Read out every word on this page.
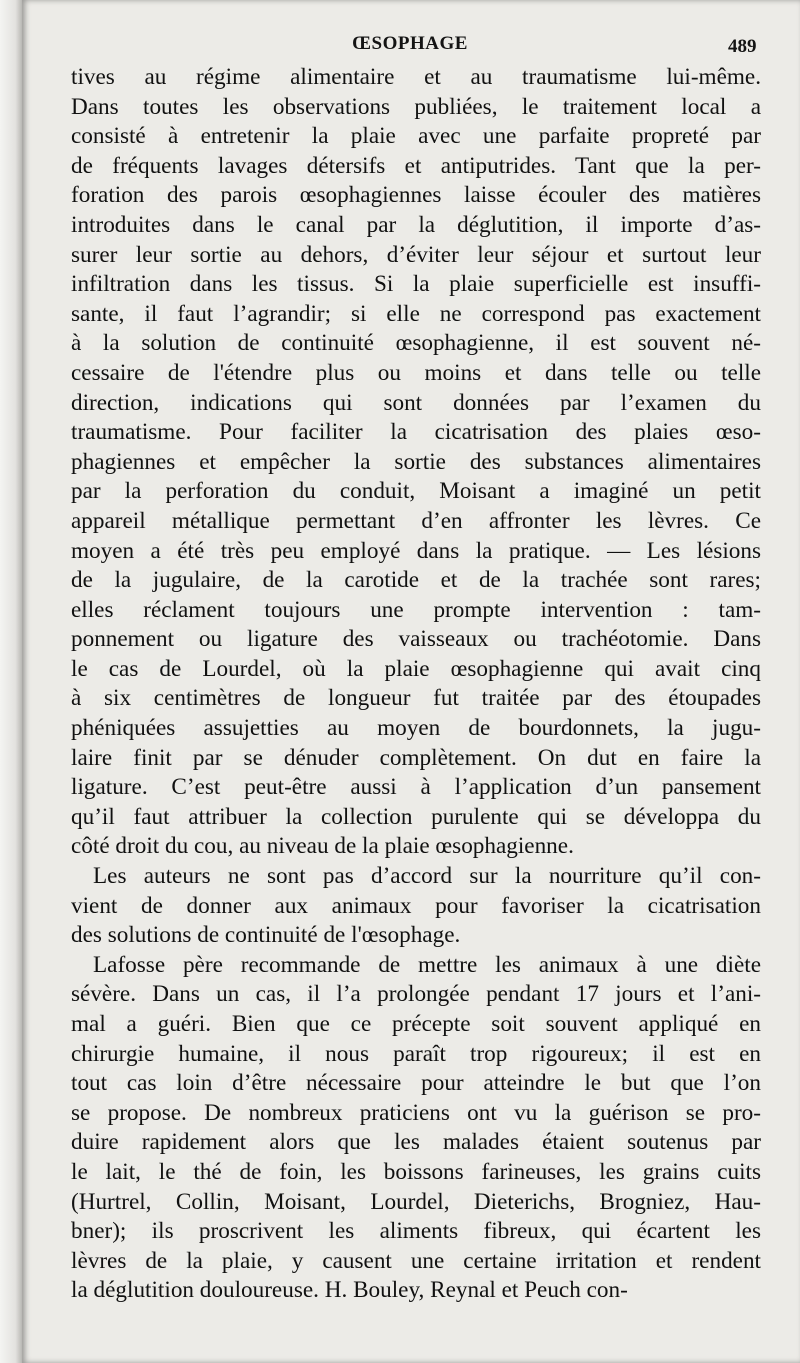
ŒSOPHAGE	489
tives au régime alimentaire et au traumatisme lui-même.
Dans toutes les observations publiées, le traitement local a
consisté à entretenir la plaie avec une parfaite propreté par
de fréquents lavages détersifs et antiputrides. Tant que la per-
foration des parois œsophagiennes laisse écouler des matières
introduites dans le canal par la déglutition, il importe d’as-
surer leur sortie au dehors, d’éviter leur séjour et surtout leur
infiltration dans les tissus. Si la plaie superficielle est insuffi-
sante, il faut l’agrandir; si elle ne correspond pas exactement
à la solution de continuité œsophagienne, il est souvent né-
cessaire de l'étendre plus ou moins et dans telle ou telle
direction, indications qui sont données par l’examen du
traumatisme. Pour faciliter la cicatrisation des plaies œso-
phagiennes et empêcher la sortie des substances alimentaires
par la perforation du conduit, Moisant a imaginé un petit
appareil métallique permettant d’en affronter les lèvres. Ce
moyen a été très peu employé dans la pratique. — Les lésions
de la jugulaire, de la carotide et de la trachée sont rares;
elles réclament toujours une prompte intervention : tam-
ponnement ou ligature des vaisseaux ou trachéotomie. Dans
le cas de Lourdel, où la plaie œsophagienne qui avait cinq
à six centimètres de longueur fut traitée par des étoupades
phéniquées assujetties au moyen de bourdonnets, la jugu-
laire finit par se dénuder complètement. On dut en faire la
ligature. C’est peut-être aussi à l’application d’un pansement
qu’il faut attribuer la collection purulente qui se développa du
côté droit du cou, au niveau de la plaie œsophagienne.
Les auteurs ne sont pas d’accord sur la nourriture qu’il con-
vient de donner aux animaux pour favoriser la cicatrisation
des solutions de continuité de l'œsophage.
Lafosse père recommande de mettre les animaux à une diète
sévère. Dans un cas, il l’a prolongée pendant 17 jours et l’ani-
mal a guéri. Bien que ce précepte soit souvent appliqué en
chirurgie humaine, il nous paraît trop rigoureux; il est en
tout cas loin d’être nécessaire pour atteindre le but que l’on
se propose. De nombreux praticiens ont vu la guérison se pro-
duire rapidement alors que les malades étaient soutenus par
le lait, le thé de foin, les boissons farineuses, les grains cuits
(Hurtrel, Collin, Moisant, Lourdel, Dieterichs, Brogniez, Hau-
bner); ils proscrivent les aliments fibreux, qui écartent les
lèvres de la plaie, y causent une certaine irritation et rendent
la déglutition douloureuse. H. Bouley, Reynal et Peuch con-
